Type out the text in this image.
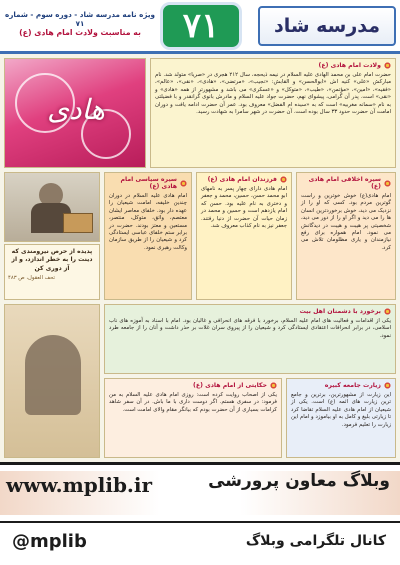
مدرسه شاد
۷۱
ویژه نامه مدرسه شاد - دوره سوم - شماره ۷۱
به مناسبت ولادت امام هادی (ع)
هادی
ولادت امام هادی (ع)

حضرت امام علی بن محمد الهادی علیه السلام در نیمه ذیحجه، سال ۲۱۲ هجری در «صریا» متولد شد. نام مبارکش «علی» کنیه اش «ابوالحسن» و القابش: «نجیب»، «مرتضی»، «هادی»، «نقی»، «عالم»، «فقیه»، «امین»، «مؤتمن»، «طیب»، «متوکل» و «عسکری» می باشد و مشهورتر از همه «هادی» و «نقی» است. پدر آن گرامی، پیشوای نهم، حضرت جواد علیه السلام و مادرش بانوی گرانقدر و با فضیلتی به نام «سمانه مغربیه» است که به «سیده ام الفضل» معروف بود. عمر آن حضرت ادامه یافت و دوران امامت آن حضرت حدود ۳۳ سال بوده است. آن حضرت در شهر سامرا به شهادت رسید.

سیره اخلاقی امام هادی (ع)

امام هادی(ع) خوش خوترین و راست گوترین مردم بود. کسی که او را از نزدیک می دید، خوش برخوردترین انسان ها را می دید و اگر او را از دور می دید، شخصیتی پر هیبت و هیبت در دیدگانش می نمود. امام همواره برای رفع نیازمندان و یاری مظلومان تلاش می کرد.

فرزندان امام هادی (ع)

امام هادی دارای چهار پسر به نامهای ابو محمد حسن، حسین، محمد و جعفر و دختری به نام علیه بود. حسن که امام یازدهم است و حسین و محمد در زمان حیات آن حضرت از دنیا رفتند. جعفر نیز به نام کذاب معروف شد.

سیره سیاسی امام هادی (ع)

امام هادی علیه السلام در دوران چندین خلیفه، امامت شیعیان را عهده دار بود. خلفای معاصر ایشان معتصم، واثق، متوکل، منتصر، مستعین و معتز بودند. حضرت در برابر ستم خلفای عباسی ایستادگی کرد و شیعیان را از طریق سازمان وکالت رهبری نمود.

پدیده از حرص نیرومندی که دینت را به خطر اندازد، و از آز دوری کن
تحف العقول، ص ۴۸۳
برخورد با دشمنان اهل بیت

یکی از اقدامات و فعالیت های امام علیه السلام، برخورد با فرقه های انحرافی و غالیان بود. امام با اسناد به آموزه های ناب اسلامی، در برابر انحرافات اعتقادی ایستادگی کرد و شیعیان را از پیروی سران غلات بر حذر داشت و آنان را از جامعه طرد نمود.

حکایتی از امام هادی (ع)

یکی از اصحاب روایت کرده است: روزی امام هادی علیه السلام به من فرمود: در سفری هستم. اگر دوست داری با ما باش. در آن سفر شاهد کرامات بسیاری از آن حضرت بودم که بیانگر مقام والای امامت است.

زیارت جامعه کبیره

این زیارت از مشهورترین، برترین و جامع ترین زیارت های ائمه (ع) است. یکی از شیعیان از امام هادی علیه السلام تقاضا کرد تا زیارتی بلیغ و کامل به او بیاموزد و امام این زیارت را تعلیم فرمود.

www.mplib.ir	وبلاگ معاون پرورشی
@mplib	کانال تلگرامی وبلاگ
